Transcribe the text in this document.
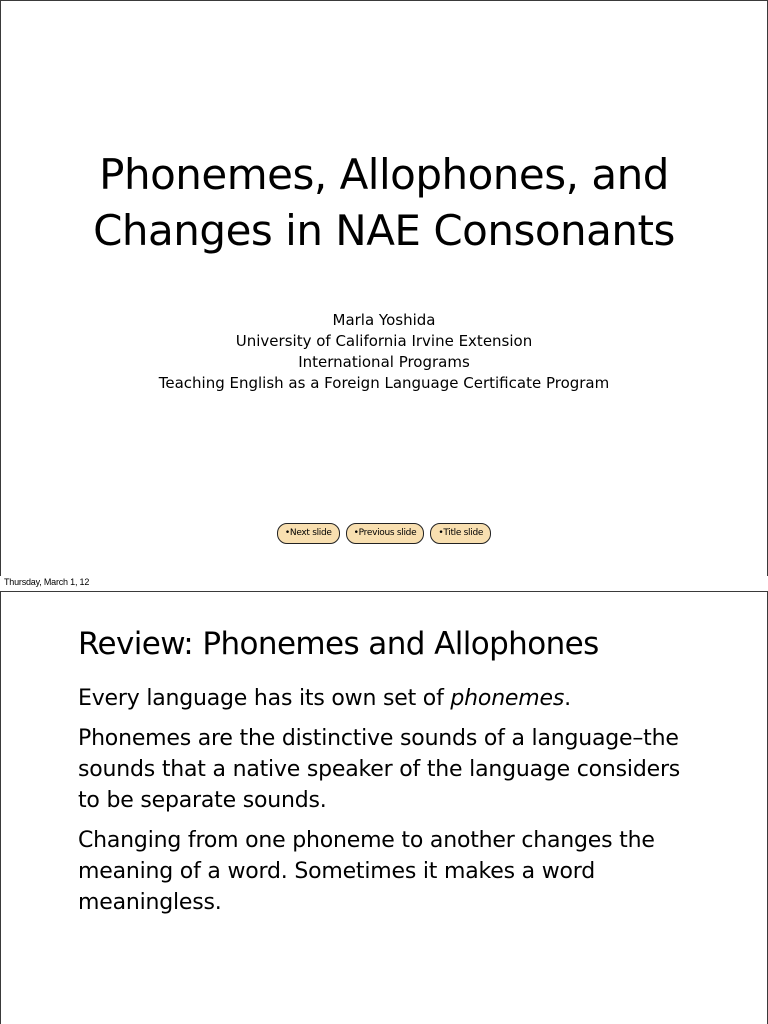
Phonemes, Allophones, and
Changes in NAE Consonants
Marla Yoshida
University of California Irvine Extension
International Programs
Teaching English as a Foreign Language Certificate Program
•Next slide •Previous slide •Title slide
Thursday, March 1, 12
Review: Phonemes and Allophones

Every language has its own set of phonemes.

Phonemes are the distinctive sounds of a language–the sounds that a native speaker of the language considers to be separate sounds.

Changing from one phoneme to another changes the meaning of a word. Sometimes it makes a word meaningless.
